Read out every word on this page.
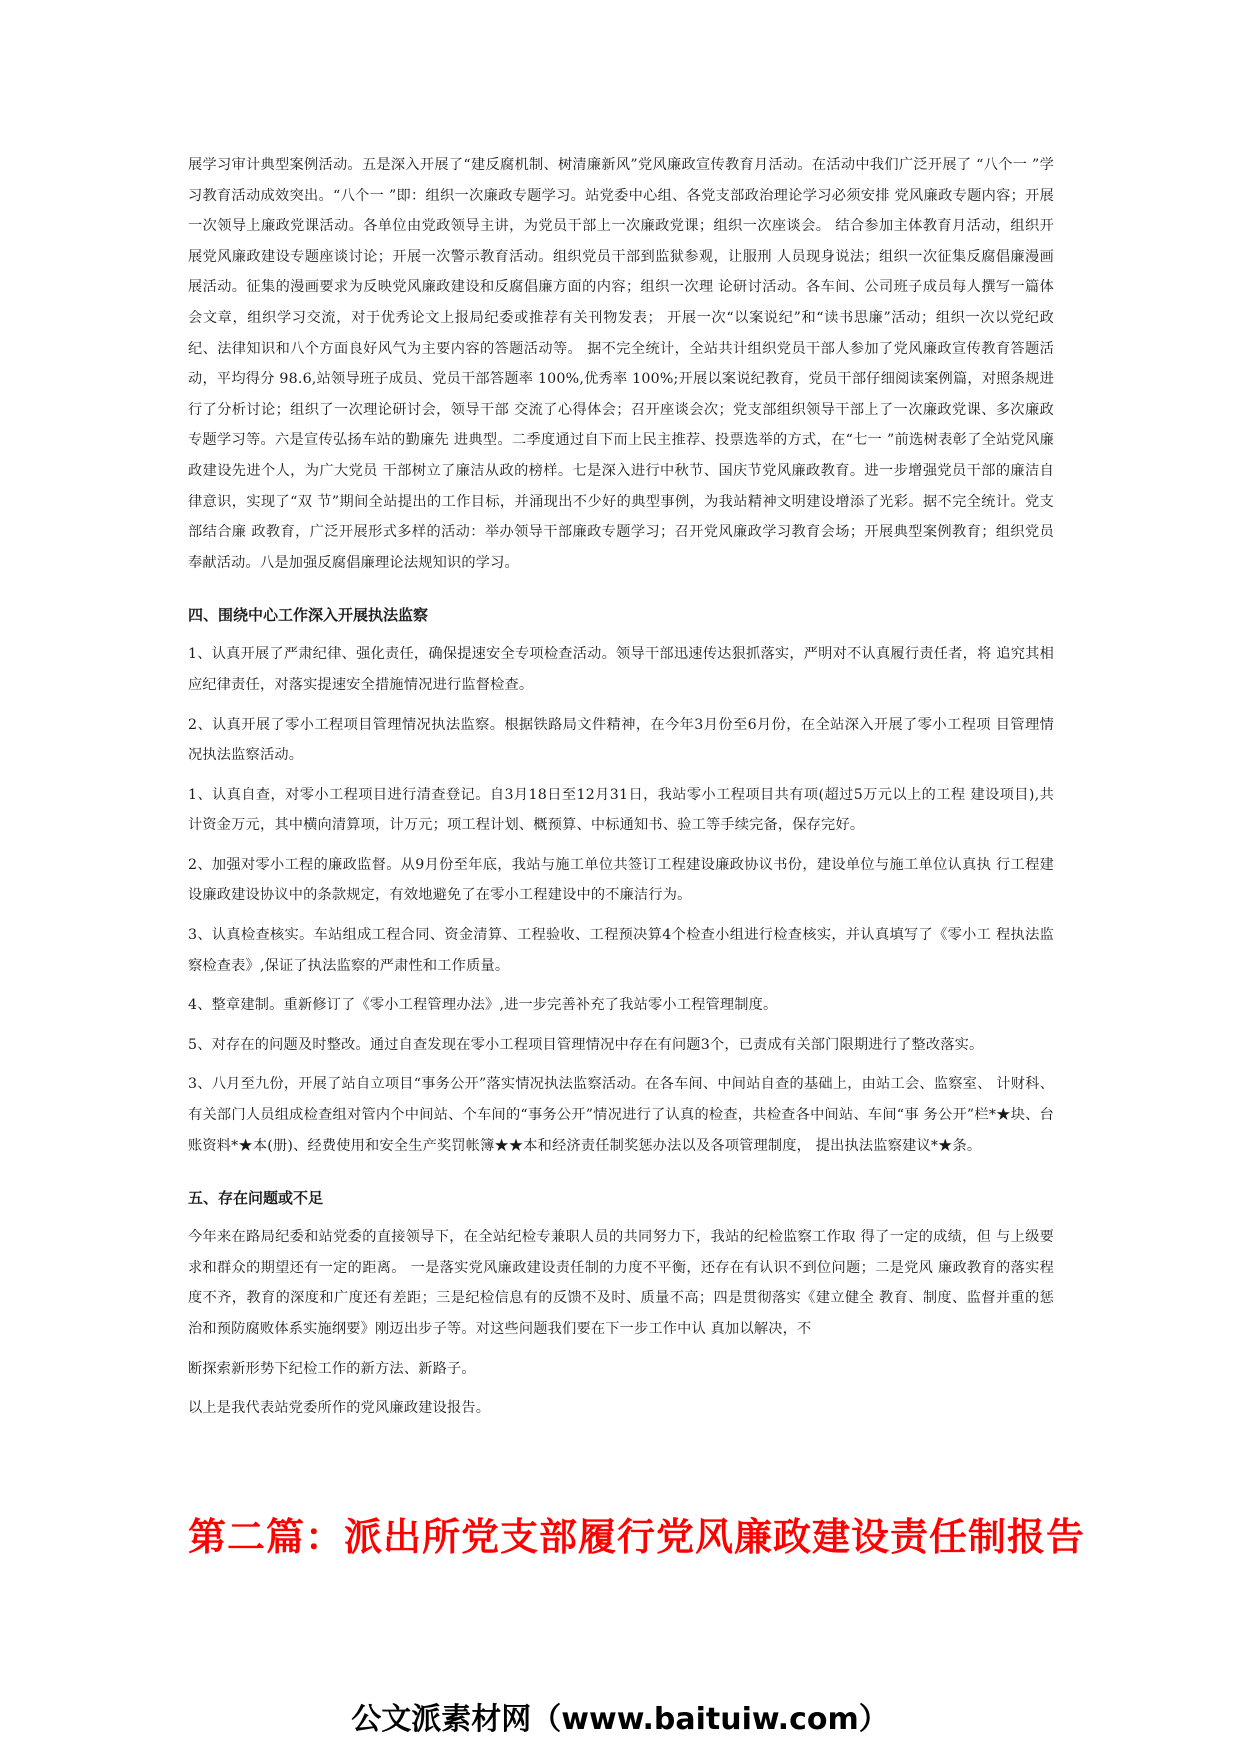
展学习审计典型案例活动。五是深入开展了“建反腐机制、树清廉新风”党风廉政宣传教育月活动。在活动中我们广泛开展了 “八个一 ”学习教育活动成效突出。“八个一 ”即：组织一次廉政专题学习。站党委中心组、各党支部政治理论学习必须安排 党风廉政专题内容；开展一次领导上廉政党课活动。各单位由党政领导主讲，为党员干部上一次廉政党课；组织一次座谈会。 结合参加主体教育月活动，组织开展党风廉政建设专题座谈讨论；开展一次警示教育活动。组织党员干部到监狱参观，让服刑 人员现身说法；组织一次征集反腐倡廉漫画展活动。征集的漫画要求为反映党风廉政建设和反腐倡廉方面的内容；组织一次理 论研讨活动。各车间、公司班子成员每人撰写一篇体会文章，组织学习交流，对于优秀论文上报局纪委或推荐有关刊物发表； 开展一次“以案说纪”和“读书思廉”活动；组织一次以党纪政纪、法律知识和八个方面良好风气为主要内容的答题活动等。 据不完全统计，全站共计组织党员干部人参加了党风廉政宣传教育答题活动，平均得分 98.6,站领导班子成员、党员干部答题率 100%,优秀率 100%;开展以案说纪教育，党员干部仔细阅读案例篇，对照条规进行了分析讨论；组织了一次理论研讨会，领导干部 交流了心得体会；召开座谈会次；党支部组织领导干部上了一次廉政党课、多次廉政专题学习等。六是宣传弘扬车站的勤廉先 进典型。二季度通过自下而上民主推荐、投票选举的方式，在“七一 ”前选树表彰了全站党风廉政建设先进个人，为广大党员 干部树立了廉洁从政的榜样。七是深入进行中秋节、国庆节党风廉政教育。进一步增强党员干部的廉洁自律意识，实现了“双 节”期间全站提出的工作目标，并涌现出不少好的典型事例，为我站精神文明建设增添了光彩。据不完全统计。党支部结合廉 政教育，广泛开展形式多样的活动：举办领导干部廉政专题学习；召开党风廉政学习教育会场；开展典型案例教育；组织党员 奉献活动。八是加强反腐倡廉理论法规知识的学习。

四、围绕中心工作深入开展执法监察

1、认真开展了严肃纪律、强化责任，确保提速安全专项检查活动。领导干部迅速传达狠抓落实，严明对不认真履行责任者，将 追究其相应纪律责任，对落实提速安全措施情况进行监督检查。

2、认真开展了零小工程项目管理情况执法监察。根据铁路局文件精神，在今年3月份至6月份，在全站深入开展了零小工程项 目管理情况执法监察活动。

1、认真自查，对零小工程项目进行清查登记。自3月18日至12月31日，我站零小工程项目共有项(超过5万元以上的工程 建设项目),共计资金万元，其中横向清算项，计万元；项工程计划、概预算、中标通知书、验工等手续完备，保存完好。

2、加强对零小工程的廉政监督。从9月份至年底，我站与施工单位共签订工程建设廉政协议书份，建设单位与施工单位认真执 行工程建设廉政建设协议中的条款规定，有效地避免了在零小工程建设中的不廉洁行为。

3、认真检查核实。车站组成工程合同、资金清算、工程验收、工程预决算4个检查小组进行检查核实，并认真填写了《零小工 程执法监察检查表》,保证了执法监察的严肃性和工作质量。

4、整章建制。重新修订了《零小工程管理办法》,进一步完善补充了我站零小工程管理制度。

5、对存在的问题及时整改。通过自查发现在零小工程项目管理情况中存在有问题3个，已责成有关部门限期进行了整改落实。

3、八月至九份，开展了站自立项目“事务公开”落实情况执法监察活动。在各车间、中间站自查的基础上，由站工会、监察室、 计财科、有关部门人员组成检查组对管内个中间站、个车间的“事务公开”情况进行了认真的检查，共检查各中间站、车间“事 务公开”栏*★块、台账资料*★本(册)、经费使用和安全生产奖罚帐簿★★本和经济责任制奖惩办法以及各项管理制度， 提出执法监察建议*★条。

五、存在问题或不足

今年来在路局纪委和站党委的直接领导下，在全站纪检专兼职人员的共同努力下，我站的纪检监察工作取 得了一定的成绩，但 与上级要求和群众的期望还有一定的距离。 一是落实党风廉政建设责任制的力度不平衡，还存在有认识不到位问题；二是党风 廉政教育的落实程度不齐，教育的深度和广度还有差距；三是纪检信息有的反馈不及时、质量不高；四是贯彻落实《建立健全 教育、制度、监督并重的惩治和预防腐败体系实施纲要》刚迈出步子等。对这些问题我们要在下一步工作中认 真加以解决，不

断探索新形势下纪检工作的新方法、新路子。

以上是我代表站党委所作的党风廉政建设报告。

第二篇：派出所党支部履行党风廉政建设责任制报告
公文派素材网（www.baituiw.com）
